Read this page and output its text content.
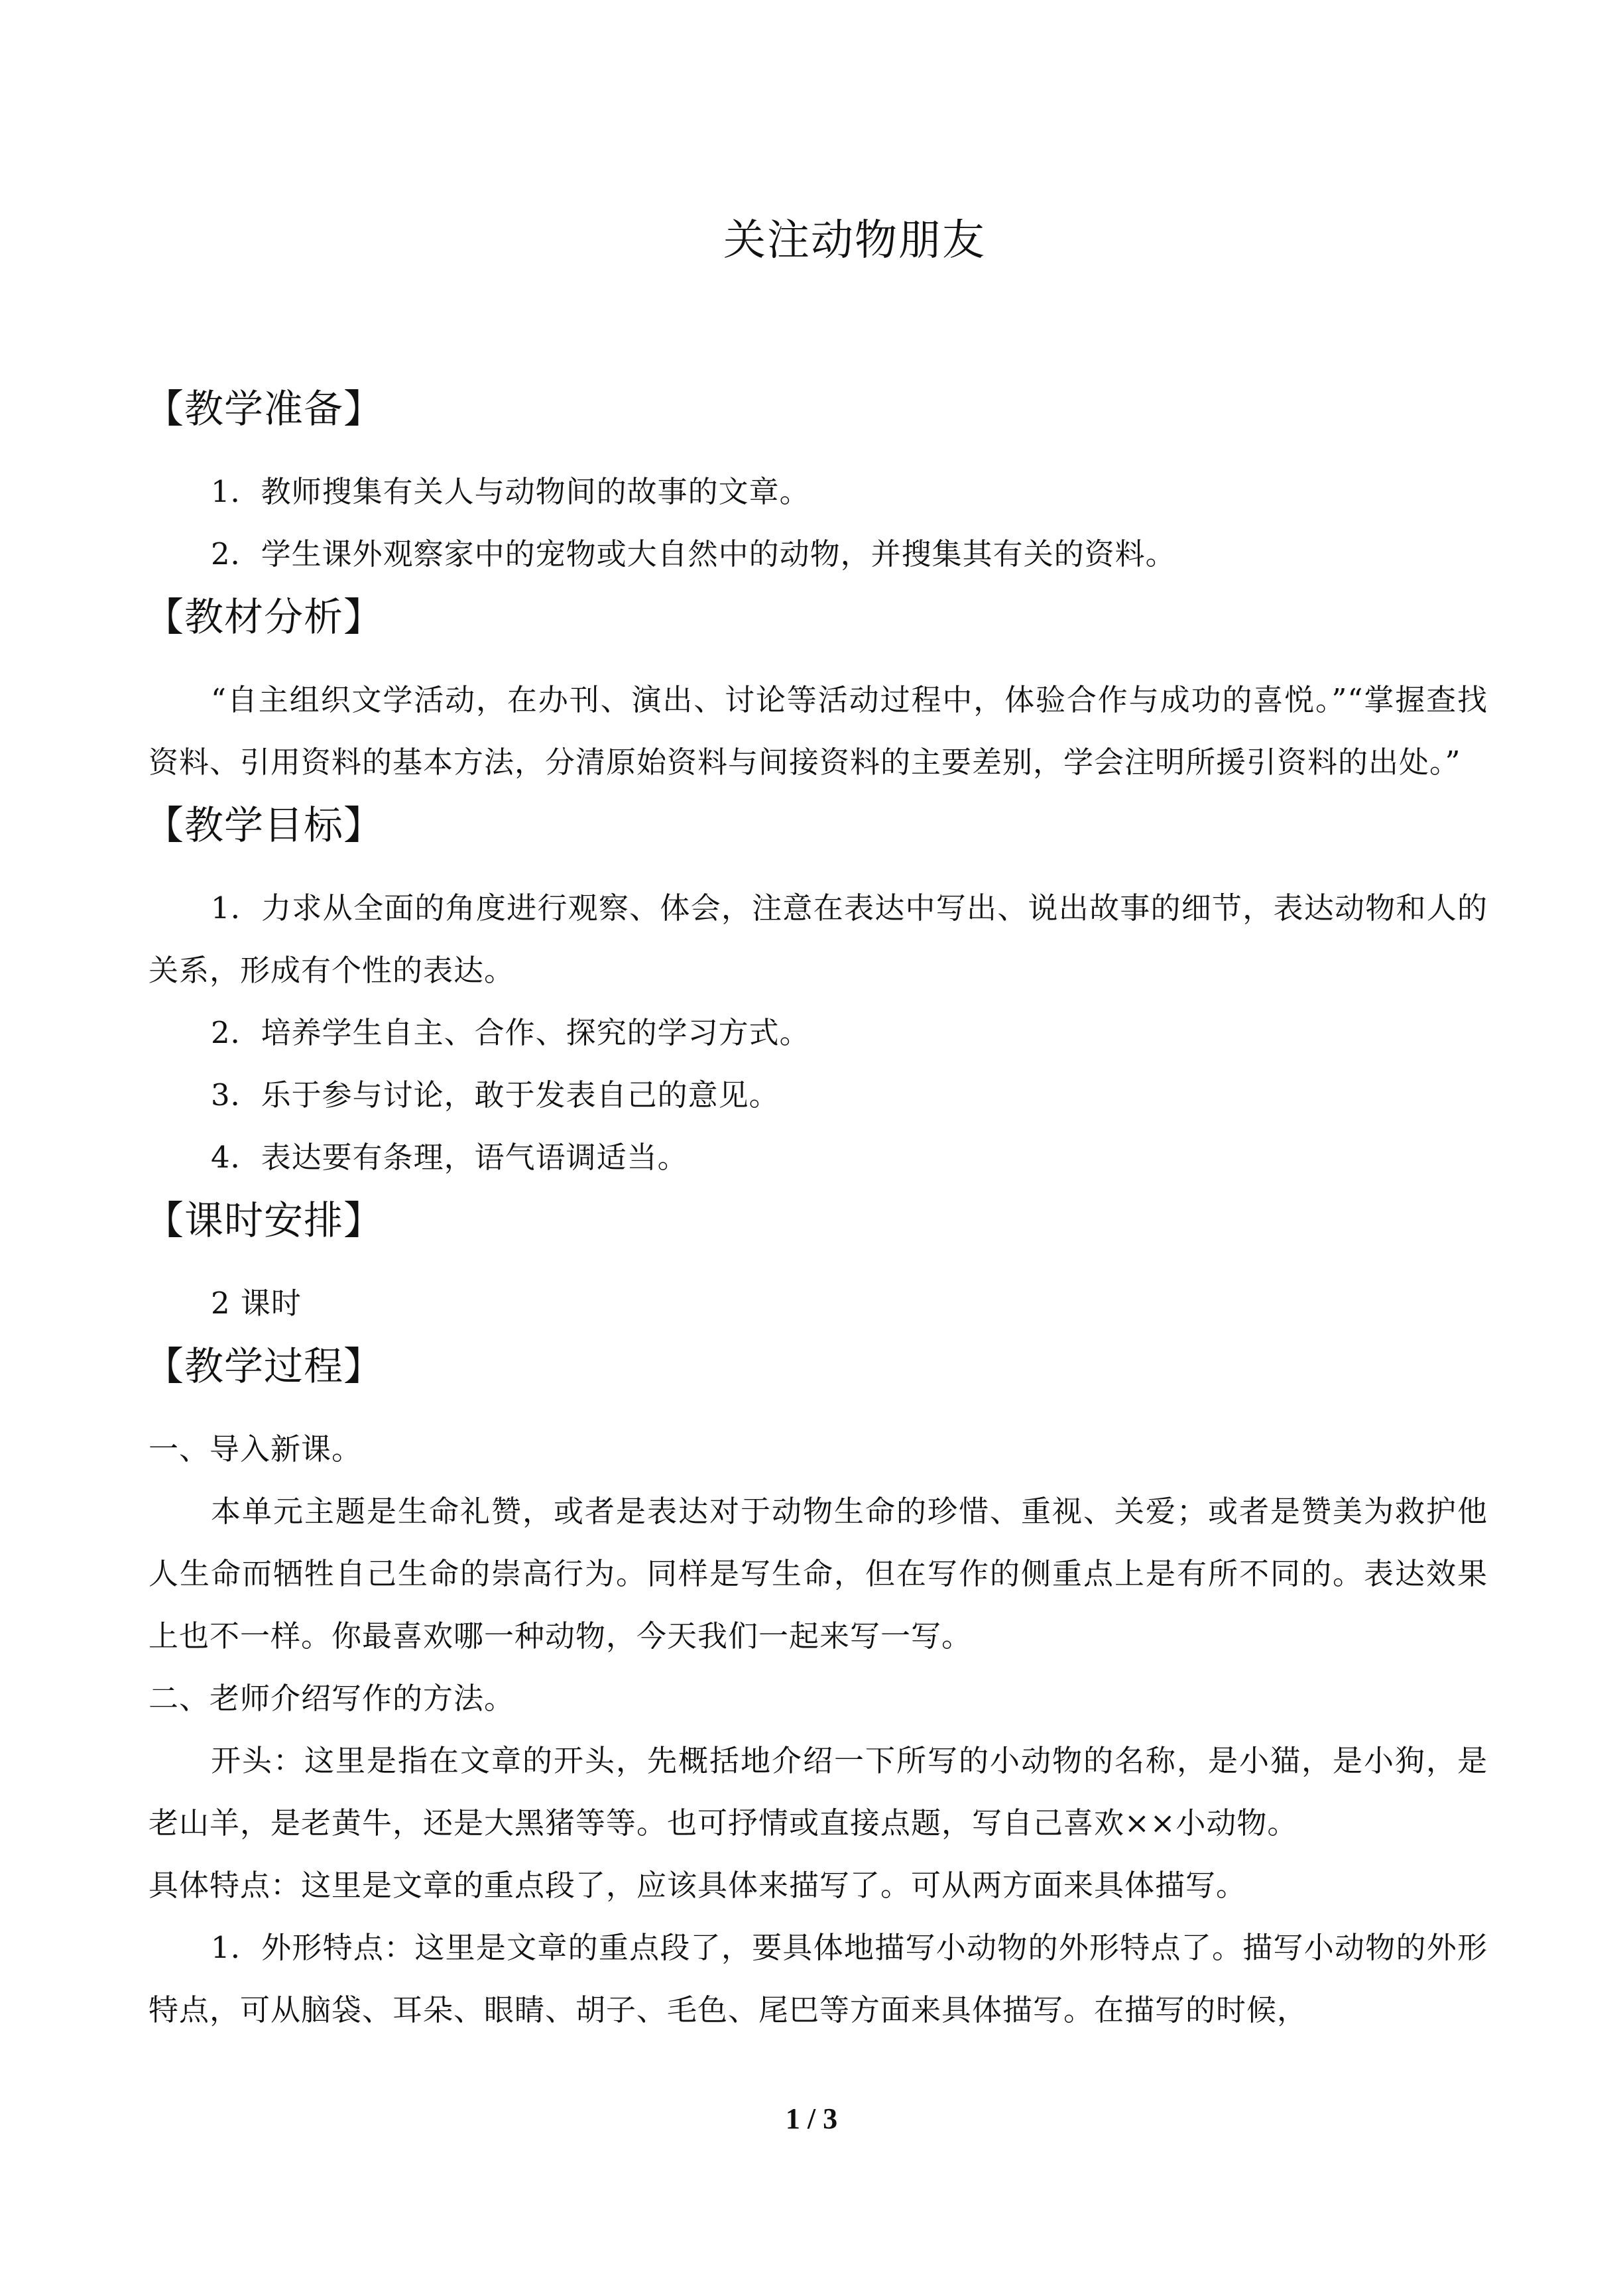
关注动物朋友
【教学准备】

1．教师搜集有关人与动物间的故事的文章。

2．学生课外观察家中的宠物或大自然中的动物，并搜集其有关的资料。

【教材分析】

“自主组织文学活动，在办刊、演出、讨论等活动过程中，体验合作与成功的喜悦。”“掌握查找资料、引用资料的基本方法，分清原始资料与间接资料的主要差别，学会注明所援引资料的出处。”

【教学目标】

1．力求从全面的角度进行观察、体会，注意在表达中写出、说出故事的细节，表达动物和人的关系，形成有个性的表达。

2．培养学生自主、合作、探究的学习方式。

3．乐于参与讨论，敢于发表自己的意见。

4．表达要有条理，语气语调适当。

【课时安排】

2 课时

【教学过程】

一、导入新课。

本单元主题是生命礼赞，或者是表达对于动物生命的珍惜、重视、关爱；或者是赞美为救护他人生命而牺牲自己生命的崇高行为。同样是写生命，但在写作的侧重点上是有所不同的。表达效果上也不一样。你最喜欢哪一种动物，今天我们一起来写一写。

二、老师介绍写作的方法。

开头：这里是指在文章的开头，先概括地介绍一下所写的小动物的名称，是小猫，是小狗，是老山羊，是老黄牛，还是大黑猪等等。也可抒情或直接点题，写自己喜欢××小动物。

具体特点：这里是文章的重点段了，应该具体来描写了。可从两方面来具体描写。

1．外形特点：这里是文章的重点段了，要具体地描写小动物的外形特点了。描写小动物的外形特点，可从脑袋、耳朵、眼睛、胡子、毛色、尾巴等方面来具体描写。在描写的时候，

1 / 3
